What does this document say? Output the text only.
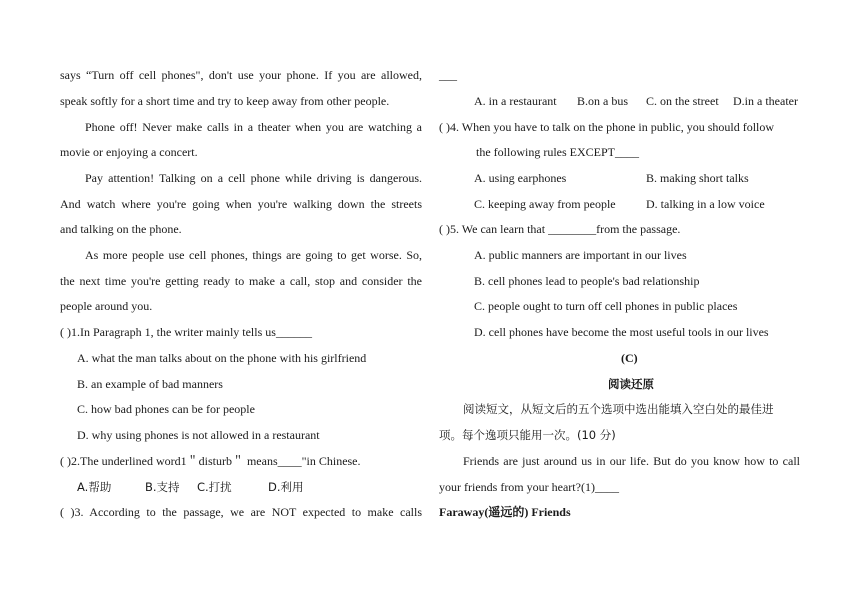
says “Turn off cell phones", don't use your phone. If you are allowed,
speak softly for a short time and try to keep away from other people.
Phone off! Never make calls in a theater when you are watching a
movie or enjoying a concert.
Pay attention! Talking on a cell phone while driving is dangerous.
And watch where you're going when you're walking down the streets
and talking on the phone.
As more people use cell phones, things are going to get worse. So,
the next time you're getting ready to make a call, stop and consider the
people around you.
( )1.In Paragraph 1, the writer mainly tells us______
A. what the man talks about on the phone with his girlfriend
B. an example of bad manners
C. how bad phones can be for people
D. why using phones is not allowed in a restaurant
( )2.The underlined word1＂disturb＂ means____"in Chinese.
A.帮助	B.支持 C.打扰	D.利用
( )3. According to the passage, we are NOT expected to make calls
___
A. in a restaurant B.on a bus C. on the street D.in a theater
( )4. When you have to talk on the phone in public, you should follow
the following rules EXCEPT____
A. using earphones	B. making short talks
C. keeping away from people	D. talking in a low voice
( )5. We can learn that ________from the passage.
A. public manners are important in our lives
B. cell phones lead to people's bad relationship
C. people ought to turn off cell phones in public places
D. cell phones have become the most useful tools in our lives
(C)
阅读还原
阅读短文，从短文后的五个选项中选出能填入空白处的最佳进
项。每个逸项只能用一次。(10 分)
Friends are just around us in our life. But do you know how to call
your friends from your heart?(1)____
Faraway(遥远的) Friends
